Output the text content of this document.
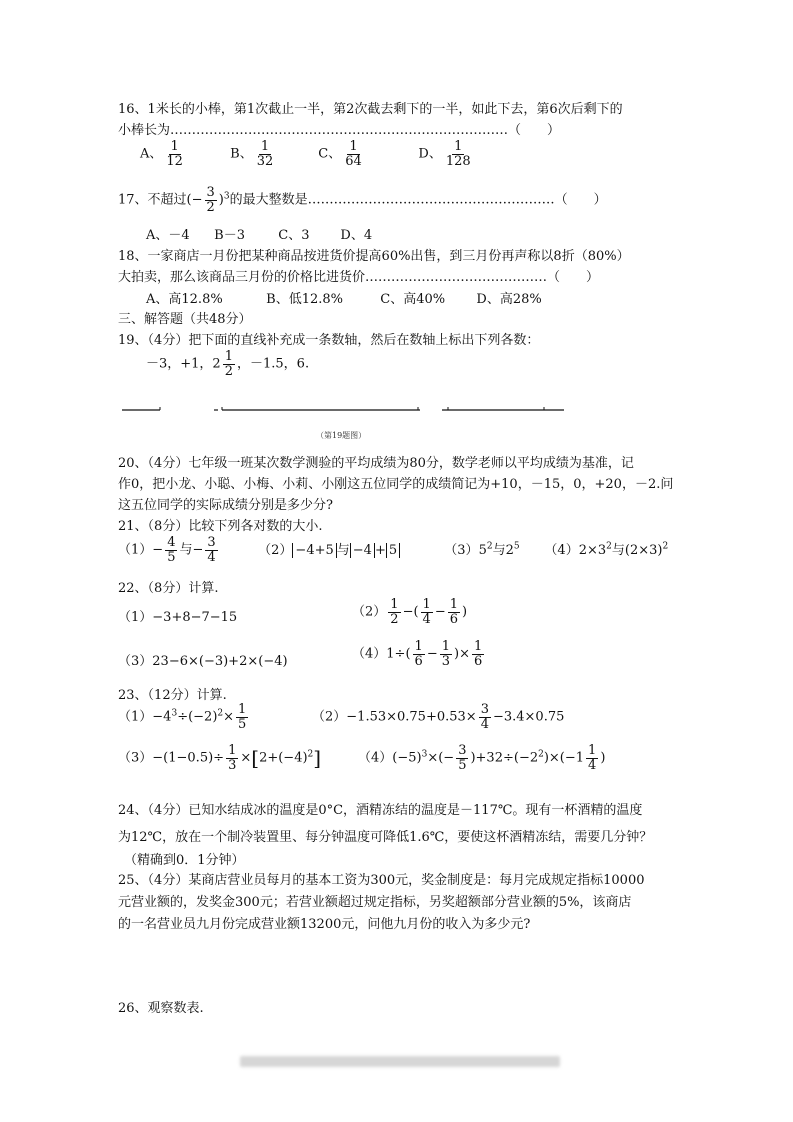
16、1米长的小棒，第1次截止一半，第2次截去剩下的一半，如此下去，第6次后剩下的
小棒长为……………………………………………………………………（　　）
A、 $\frac{1}{12}$	B、 $\frac{1}{32}$	C、 $\frac{1}{64}$	D、 $\frac{1}{128}$
17、不超过(− $\frac{3}{2} )^3$的最大整数是…………………………………………………（　　）
A、－4 B－3	C、3 D、4
18、一家商店一月份把某种商品按进货价提高60%出售，到三月份再声称以8折（80%）
大拍卖，那么该商品三月份的价格比进货价……………………………………（　　）
A、高12.8%	B、低12.8%	C、高40% D、高28%
三、解答题（共48分）
19、（4分）把下面的直线补充成一条数轴，然后在数轴上标出下列各数：
－3，+1，$2 \frac{1}{2}$ ，－1.5，6.
（第19题图）
20、（4分）七年级一班某次数学测验的平均成绩为80分，数学老师以平均成绩为基准，记
作0，把小龙、小聪、小梅、小莉、小刚这五位同学的成绩简记为+10，－15，0，+20，－2.问
这五位同学的实际成绩分别是多少分?
21、（8分）比较下列各对数的大小.
$(1)- \frac{4}{5}$ 与− $\frac{3}{4}$	（2） −4+5 与 −4 + 5	$(3)5^2$与$2^5$ $(4)2\times 3^2$与$(2\times 3)^2$
22、（8分）计算.
（1）−3+8−7−15	$(2) \frac{1}{2}$ −( $\frac{1}{4} - \frac{1}{6}$ )
（3）23−6×(−3)+2×(−4)	$(4)1\div( \frac{1}{6} - \frac{1}{3}$ )× $\frac{1}{6}$
23、（12分）计算.
$(1)-4^3\div(-2)^2\times \frac{1}{5}$	$(2)-1.53\times 0.75+0.53\times \frac{3}{4} -3.4\times 0.75$
$(3)-(1-0.5)\div \frac{1}{3} \times[2+(-4)^2]$	$(4)(-5)^3\times(- \frac{3}{5} )+32\div(-2^2)\times(-1 \frac{1}{4}$ )
24、（4分）已知水结成冰的温度是0°C，酒精冻结的温度是－117℃。现有一杯酒精的温度
为12℃，放在一个制冷装置里、每分钟温度可降低1.6℃，要使这杯酒精冻结，需要几分钟？
（精确到0．1分钟）
25、（4分）某商店营业员每月的基本工资为300元，奖金制度是：每月完成规定指标10000
元营业额的，发奖金300元；若营业额超过规定指标，另奖超额部分营业额的5%，该商店
的一名营业员九月份完成营业额13200元，问他九月份的收入为多少元?
26、观察数表.
